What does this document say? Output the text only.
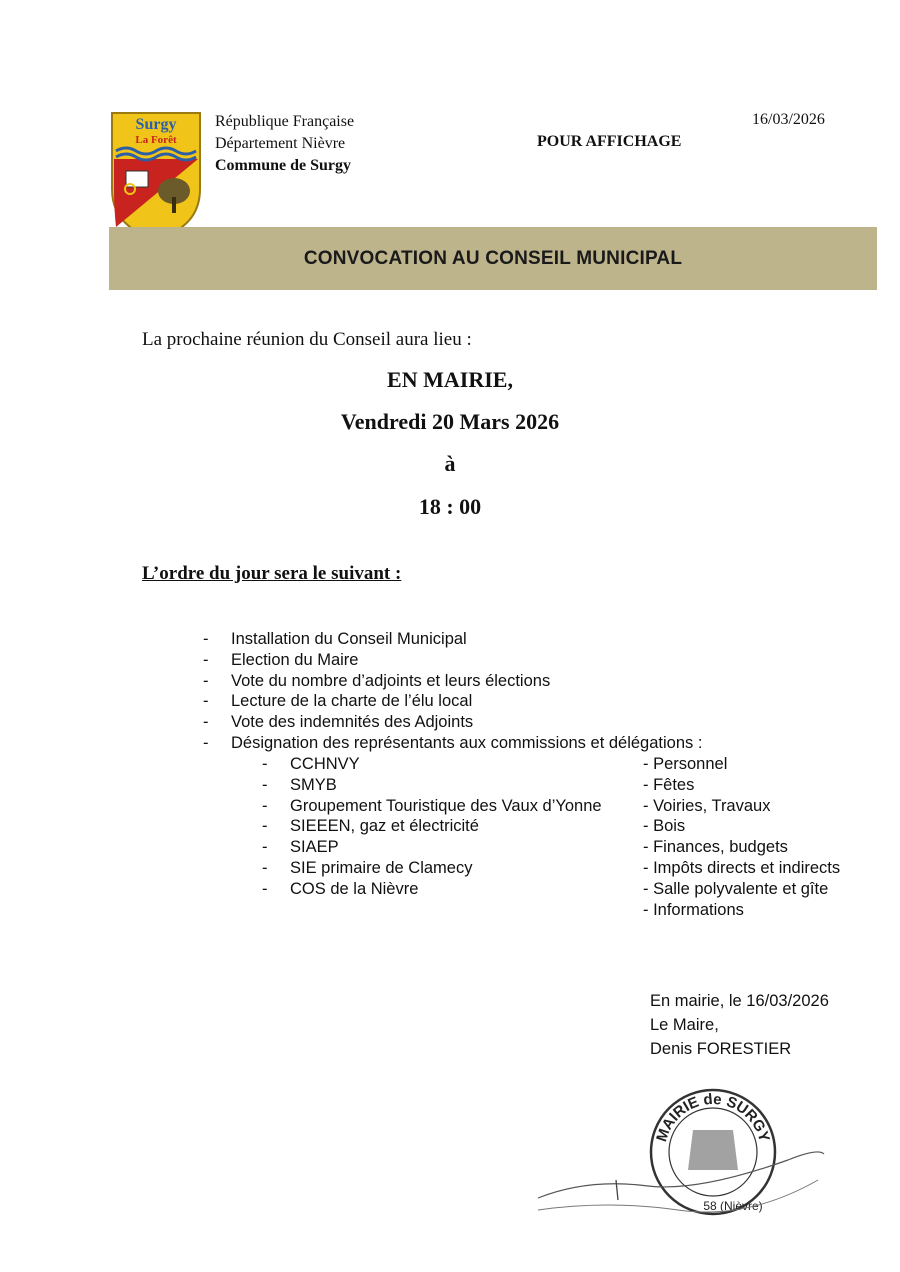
Surgy
La Forêt
République Française
Département Nièvre
Commune de Surgy
POUR AFFICHAGE
16/03/2026
CONVOCATION AU CONSEIL MUNICIPAL
La prochaine réunion du Conseil aura lieu :
EN MAIRIE,
Vendredi 20 Mars 2026
à
18 : 00
L’ordre du jour sera le suivant :
-	Installation du Conseil Municipal
-	Election du Maire
-	Vote du nombre d’adjoints et leurs élections
-	Lecture de la charte de l’élu local
-	Vote des indemnités des Adjoints
-	Désignation des représentants aux commissions et délégations :
-	CCHNVY
-	SMYB
-	Groupement Touristique des Vaux d’Yonne
-	SIEEEN, gaz et électricité
-	SIAEP
-	SIE primaire de Clamecy
-	COS de la Nièvre
- Personnel
- Fêtes
- Voiries, Travaux
- Bois
- Finances, budgets
- Impôts directs et indirects
- Salle polyvalente et gîte
- Informations
En mairie, le 16/03/2026
Le Maire,
Denis FORESTIER
MAIRIE de SURGY
58 (Nièvre)
